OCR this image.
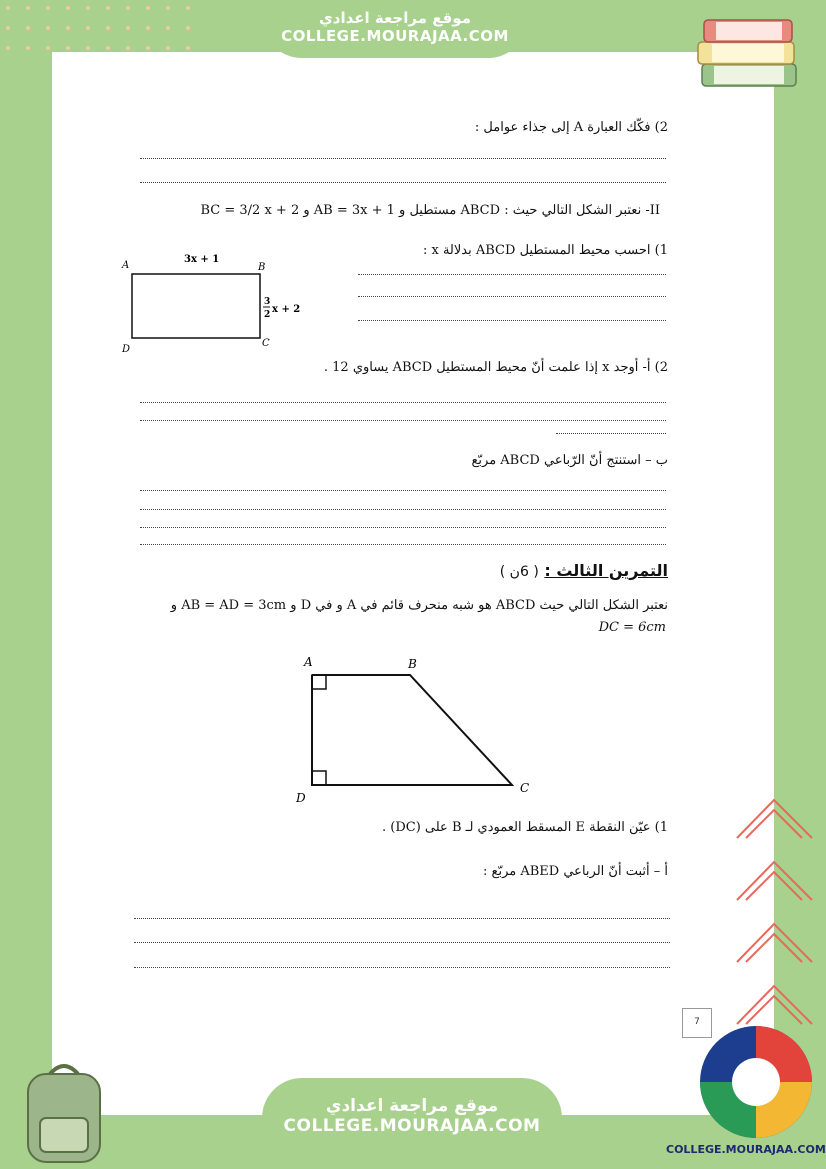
موقع مراجعة اعدادي
COLLEGE.MOURAJAA.COM
7
COLLEGE.MOURAJAA.COM
موقع مراجعة اعدادي
COLLEGE.MOURAJAA.COM
2) فكّك العبارة A إلى جذاء عوامل :
II- نعتبر الشكل التالي حيث : ABCD مستطيل و AB = 3x + 1 و BC = 3/2 x + 2
1) احسب محيط المستطيل ABCD بدلالة x :
A	B
C
D
3x + 1
3
2 x + 2
2) أ- أوجد x إذا علمت أنّ محيط المستطيل ABCD يساوي 12 .
ب – استنتج أنّ الرّباعي ABCD مربّع
التمرين الثالث : ( 6ن )
نعتبر الشكل التالي حيث ABCD هو شبه منحرف قائم في A و في D و AB = AD = 3cm و
DC = 6cm
A	B
C
D
1) عيّن النقطة E المسقط العمودي لـ B على (DC) .
أ – أثبت أنّ الرباعي ABED مربّع :
